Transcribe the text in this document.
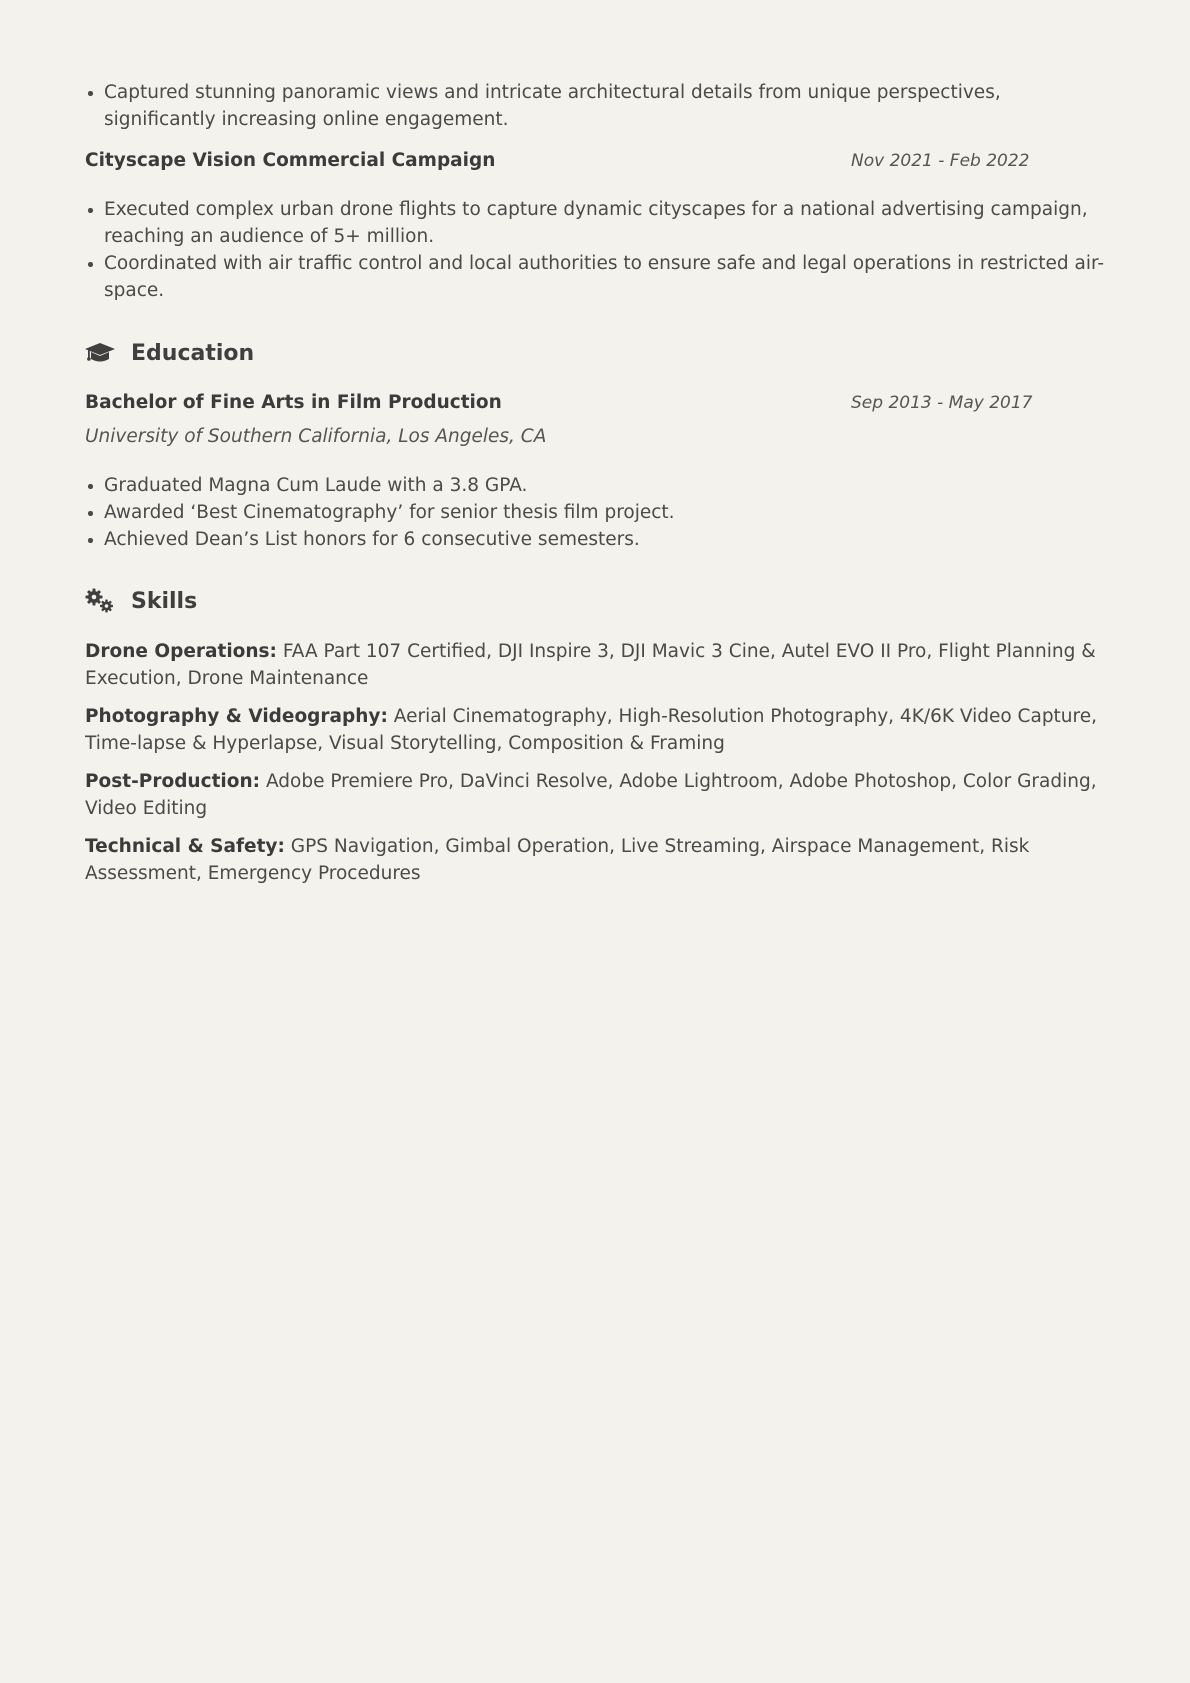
Captured stunning panoramic views and intricate architectural details from unique perspectives, significantly increasing online engagement.
Cityscape Vision Commercial Campaign	Nov 2021 - Feb 2022
Executed complex urban drone flights to capture dynamic cityscapes for a national advertising campaign, reaching an audience of 5+ million.
Coordinated with air traffic control and local authorities to ensure safe and legal operations in restricted air-space.
Education
Bachelor of Fine Arts in Film Production	Sep 2013 - May 2017
University of Southern California, Los Angeles, CA
Graduated Magna Cum Laude with a 3.8 GPA.
Awarded ‘Best Cinematography’ for senior thesis film project.
Achieved Dean’s List honors for 6 consecutive semesters.
Skills
Drone Operations: FAA Part 107 Certified, DJI Inspire 3, DJI Mavic 3 Cine, Autel EVO II Pro, Flight Planning & Execution, Drone Maintenance
Photography & Videography: Aerial Cinematography, High-Resolution Photography, 4K/6K Video Capture, Time-lapse & Hyperlapse, Visual Storytelling, Composition & Framing
Post-Production: Adobe Premiere Pro, DaVinci Resolve, Adobe Lightroom, Adobe Photoshop, Color Grading, Video Editing
Technical & Safety: GPS Navigation, Gimbal Operation, Live Streaming, Airspace Management, Risk Assessment, Emergency Procedures
